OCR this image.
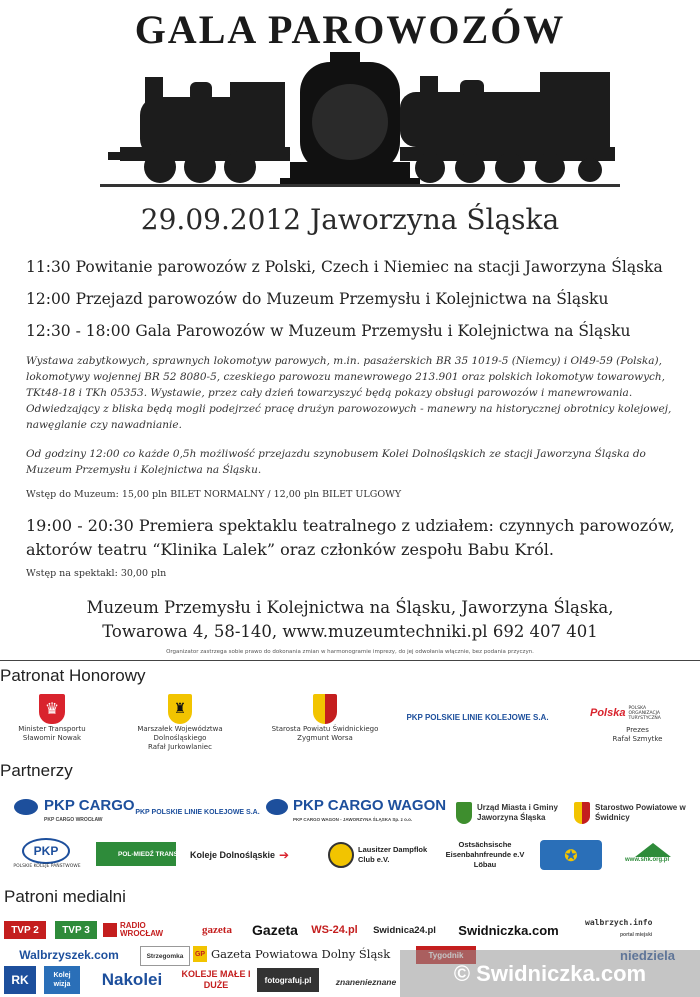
GALA PAROWOZÓW
29.09.2012 Jaworzyna Śląska
11:30 Powitanie parowozów z Polski, Czech i Niemiec na stacji Jaworzyna Śląska
12:00 Przejazd parowozów do Muzeum Przemysłu i Kolejnictwa na Śląsku
12:30 - 18:00 Gala Parowozów w Muzeum Przemysłu i Kolejnictwa na Śląsku
Wystawa zabytkowych, sprawnych lokomotyw parowych, m.in. pasażerskich BR 35 1019-5 (Niemcy) i Ol49-59 (Polska), lokomotywy wojennej BR 52 8080-5, czeskiego parowozu manewrowego 213.901 oraz polskich lokomotyw towarowych, TKt48-18 i TKh 05353. Wystawie, przez cały dzień towarzyszyć będą pokazy obsługi parowozów i manewrowania. Odwiedzający z bliska będą mogli podejrzeć pracę drużyn parowozowych - manewry na historycznej obrotnicy kolejowej, nawęglanie czy nawadnianie.
Od godziny 12:00 co każde 0,5h możliwość przejazdu szynobusem Kolei Dolnośląskich ze stacji Jaworzyna Śląska do Muzeum Przemysłu i Kolejnictwa na Śląsku.
Wstęp do Muzeum: 15,00 pln BILET NORMALNY / 12,00 pln BILET ULGOWY
19:00 - 20:30 Premiera spektaklu teatralnego z udziałem: czynnych parowozów,
aktorów teatru “Klinika Lalek” oraz członków zespołu Babu Król.
Wstęp na spektakl: 30,00 pln
Muzeum Przemysłu i Kolejnictwa na Śląsku, Jaworzyna Śląska,
Towarowa 4, 58-140, www.muzeumtechniki.pl 692 407 401
Organizator zastrzega sobie prawo do dokonania zmian w harmonogramie imprezy, do jej odwołania włącznie, bez podania przyczyn.
Patronat Honorowy
♛
Minister Transportu
Sławomir Nowak
♜
Marszałek Województwa Dolnośląskiego
Rafał Jurkowlaniec
Starosta Powiatu Świdnickiego
Zygmunt Worsa
PKP POLSKIE LINIE KOLEJOWE S.A.	Polska POLSKA ORGANIZACJA TURYSTYCZNA
Prezes
Rafał Szmytke
Partnerzy
PKP CARGO
PKP CARGO WROCŁAW
PKP POLSKIE LINIE KOLEJOWE S.A. PKP CARGO WAGON
PKP CARGO WAGON - JAWORZYNA ŚLĄSKA Sp. z o.o.
Urząd Miasta i Gminy Jaworzyna Śląska
Starostwo Powiatowe w Świdnicy
PKP
POLSKIE KOLEJE PAŃSTWOWE
POL-MIEDŹ TRANS Koleje Dolnośląskie ➔	Lausitzer Dampflok Club e.V.
Ostsächsische Eisenbahnfreunde e.V Löbau	✪	www.shk.org.pl
Patroni medialni
TVP 2 TVP 3	RADIO WROCŁAW	gazeta Gazeta WS-24.pl Swidnica24.pl Swidniczka.com	walbrzych.info
portal miejski
Walbrzyszek.com	Strzegomka GP Gazeta Powiatowa Dolny Śląsk
RK	Kolej wizja	Nakolei KOLEJE MAŁE I DUŻE	fotografuj.pl	znanenieznane	© Swidniczka.com
